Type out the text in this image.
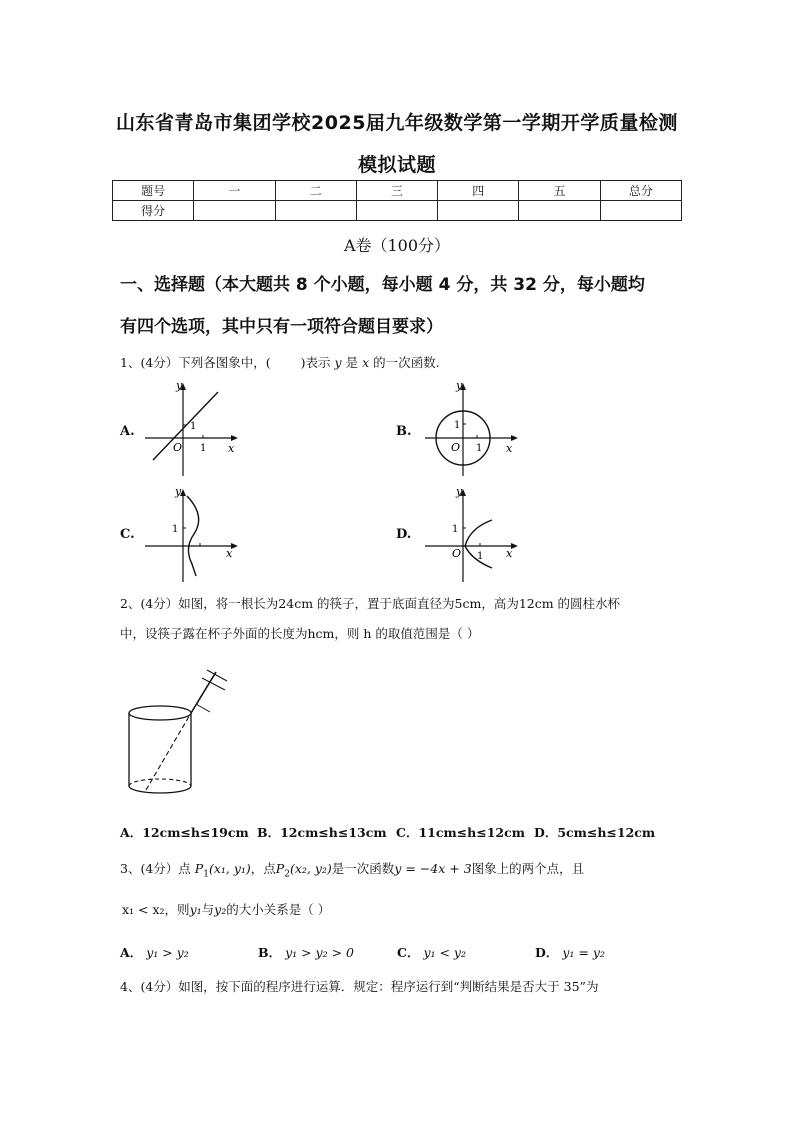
山东省青岛市集团学校2025届九年级数学第一学期开学质量检测
模拟试题
题号	一	二	三	四	五	总分
得分						
A卷（100分）
一、选择题（本大题共 8 个小题，每小题 4 分，共 32 分，每小题均
有四个选项，其中只有一项符合题目要求）
1、(4分）下列各图象中，( )表示 y 是 x 的一次函数.
A.	B.
C.	D.
y
x
O 1
1
y
x
O 1
1
y
x
1
y
x
O 1
1
2、(4分）如图，将一根长为24cm 的筷子，置于底面直径为5cm，高为12cm 的圆柱水杯
中，设筷子露在杯子外面的长度为hcm，则 h 的取值范围是（ ）
A．12cm≤h≤19cm B．12cm≤h≤13cm C．11cm≤h≤12cm D．5cm≤h≤12cm
3、(4分）点 $P_1(x_1$, y₁)，点$P_2(x_2$, y₂)是一次函数y = −4x + 3图象上的两个点，且
x₁ < x₂，则y₁与y₂的大小关系是（ ）
A． y₁ > y₂	B． y₁ > y₂ > 0	C． y₁ < y₂	D． y₁ = y₂
4、(4分）如图，按下面的程序进行运算．规定：程序运行到“判断结果是否大于 35”为
